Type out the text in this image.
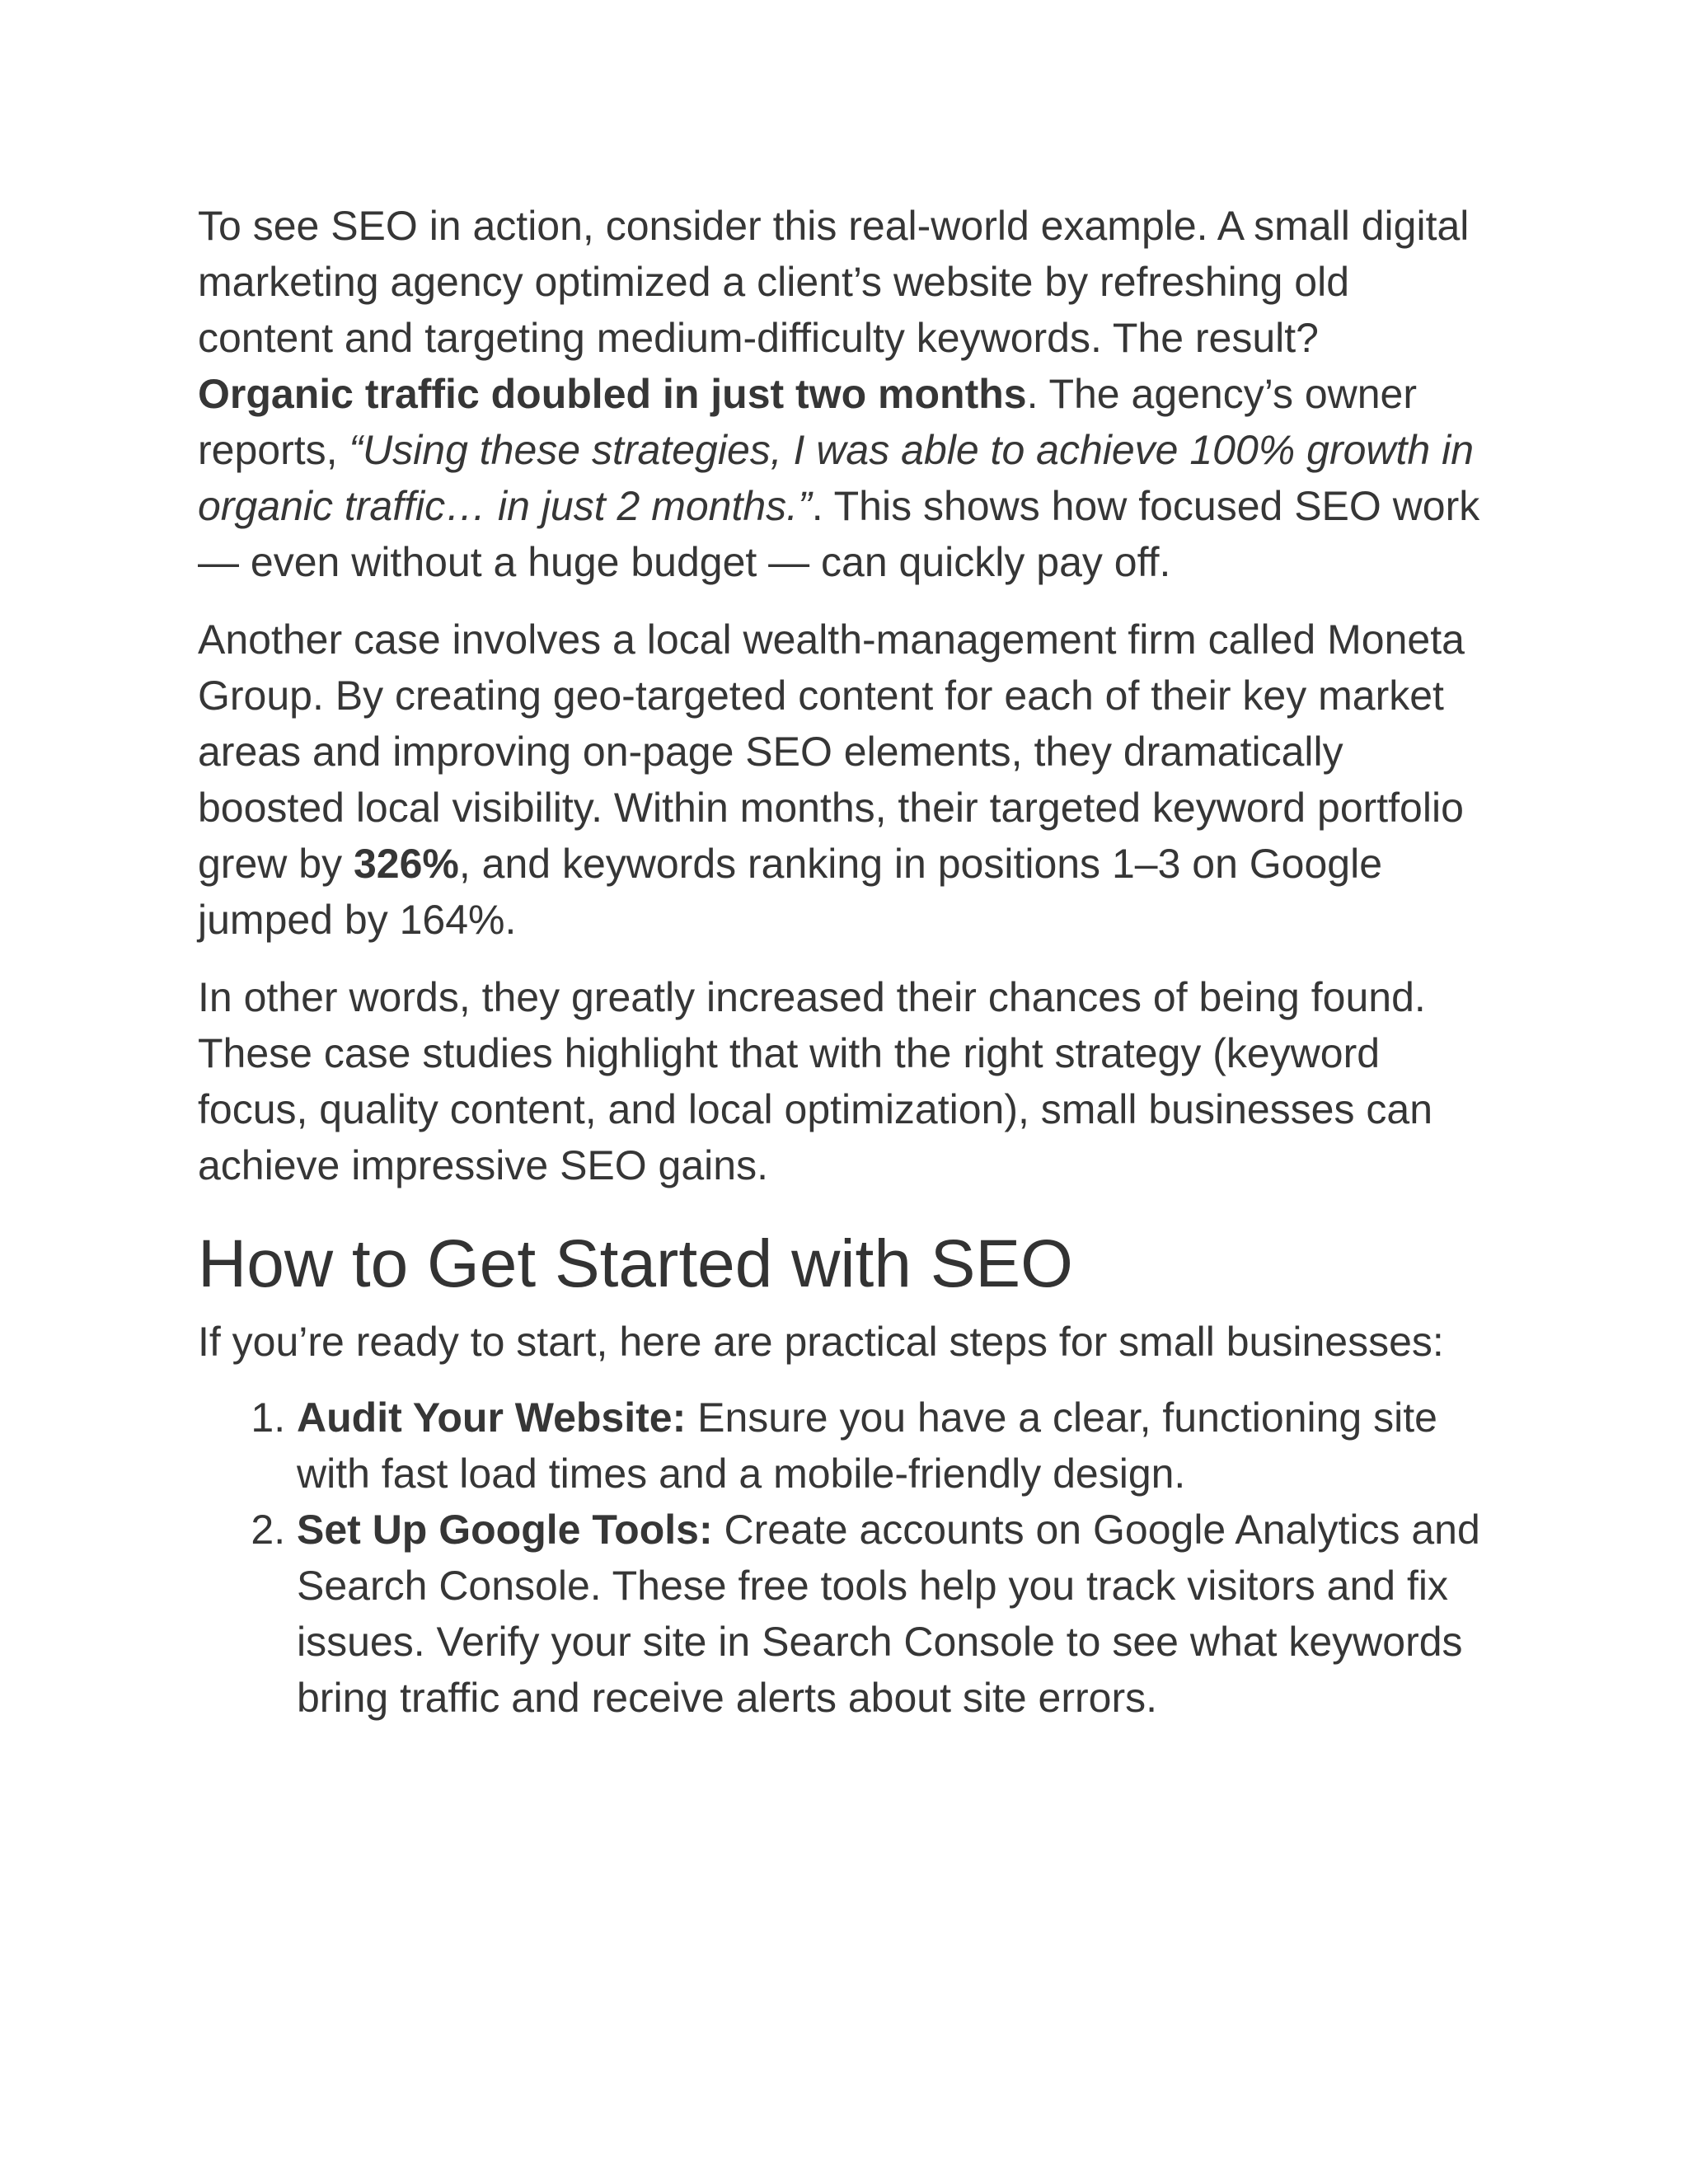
To see SEO in action, consider this real-world example. A small digital marketing agency optimized a client’s website by refreshing old content and targeting medium-difficulty keywords. The result? Organic traffic doubled in just two months. The agency’s owner reports, “Using these strategies, I was able to achieve 100% growth in organic traffic… in just 2 months.”. This shows how focused SEO work — even without a huge budget — can quickly pay off.

Another case involves a local wealth-management firm called Moneta Group. By creating geo-targeted content for each of their key market areas and improving on-page SEO elements, they dramatically boosted local visibility. Within months, their targeted keyword portfolio grew by 326%, and keywords ranking in positions 1–3 on Google jumped by 164%.

In other words, they greatly increased their chances of being found. These case studies highlight that with the right strategy (keyword focus, quality content, and local optimization), small businesses can achieve impressive SEO gains.

How to Get Started with SEO

If you’re ready to start, here are practical steps for small businesses:

1. Audit Your Website: Ensure you have a clear, functioning site with fast load times and a mobile-friendly design.
2. Set Up Google Tools: Create accounts on Google Analytics and Search Console. These free tools help you track visitors and fix issues. Verify your site in Search Console to see what keywords bring traffic and receive alerts about site errors.
